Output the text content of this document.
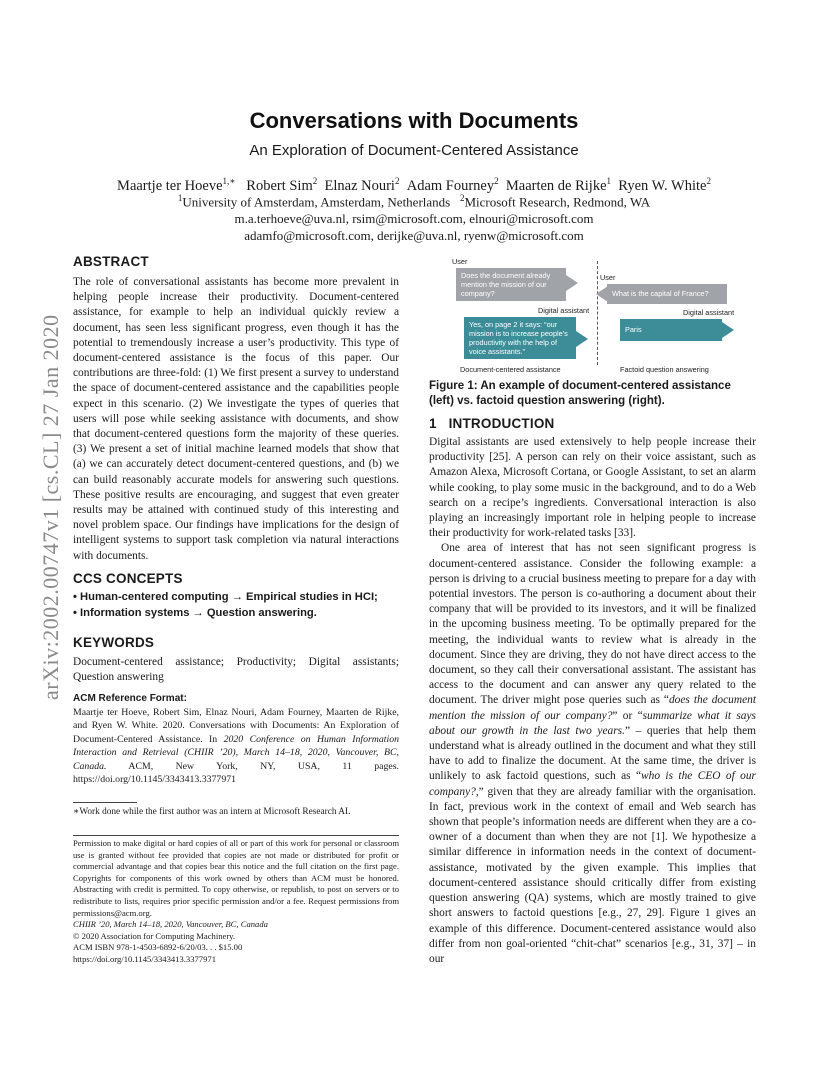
arXiv:2002.00747v1 [cs.CL] 27 Jan 2020
Conversations with Documents
An Exploration of Document-Centered Assistance
Maartje ter Hoeve$^{1,∗}$ Robert Sim$^2$ Elnaz Nouri$^2$ Adam Fourney$^2$ Maarten de Rijke$^1$ Ryen W. White$^2$
$^1$University of Amsterdam, Amsterdam, Netherlands $^2$Microsoft Research, Redmond, WA
m.a.terhoeve@uva.nl, rsim@microsoft.com, elnouri@microsoft.com
adamfo@microsoft.com, derijke@uva.nl, ryenw@microsoft.com
ABSTRACT
The role of conversational assistants has become more prevalent in helping people increase their productivity. Document-centered assistance, for example to help an individual quickly review a document, has seen less significant progress, even though it has the potential to tremendously increase a user’s productivity. This type of document-centered assistance is the focus of this paper. Our contributions are three-fold: (1) We first present a survey to understand the space of document-centered assistance and the capabilities people expect in this scenario. (2) We investigate the types of queries that users will pose while seeking assistance with documents, and show that document-centered questions form the majority of these queries. (3) We present a set of initial machine learned models that show that (a) we can accurately detect document-centered questions, and (b) we can build reasonably accurate models for answering such questions. These positive results are encouraging, and suggest that even greater results may be attained with continued study of this interesting and novel problem space. Our findings have implications for the design of intelligent systems to support task completion via natural interactions with documents.
CCS CONCEPTS
• Human-centered computing → Empirical studies in HCI;
• Information systems → Question answering.
KEYWORDS
Document-centered assistance; Productivity; Digital assistants; Question answering
ACM Reference Format:
Maartje ter Hoeve, Robert Sim, Elnaz Nouri, Adam Fourney, Maarten de Rijke, and Ryen W. White. 2020. Conversations with Documents: An Exploration of Document-Centered Assistance. In 2020 Conference on Human Information Interaction and Retrieval (CHIIR ’20), March 14–18, 2020, Vancouver, BC, Canada. ACM, New York, NY, USA, 11 pages. https://doi.org/10.1145/3343413.3377971
∗Work done while the first author was an intern at Microsoft Research AI.

Permission to make digital or hard copies of all or part of this work for personal or classroom use is granted without fee provided that copies are not made or distributed for profit or commercial advantage and that copies bear this notice and the full citation on the first page. Copyrights for components of this work owned by others than ACM must be honored. Abstracting with credit is permitted. To copy otherwise, or republish, to post on servers or to redistribute to lists, requires prior specific permission and/or a fee. Request permissions from permissions@acm.org.

CHIIR ’20, March 14–18, 2020, Vancouver, BC, Canada

© 2020 Association for Computing Machinery.

ACM ISBN 978-1-4503-6892-6/20/03. . . $15.00

https://doi.org/10.1145/3343413.3377971

User
Does the document already mention the mission of our company?
Digital assistant
Yes, on page 2 it says: “our mission is to increase people’s productivity with the help of voice assistants.”
Document-centered assistance
User
What is the capital of France?
Digital assistant
Paris
Factoid question answering
Figure 1: An example of document-centered assistance (left) vs. factoid question answering (right).
1 INTRODUCTION

Digital assistants are used extensively to help people increase their productivity [25]. A person can rely on their voice assistant, such as Amazon Alexa, Microsoft Cortana, or Google Assistant, to set an alarm while cooking, to play some music in the background, and to do a Web search on a recipe’s ingredients. Conversational interaction is also playing an increasingly important role in helping people to increase their productivity for work-related tasks [33].

One area of interest that has not seen significant progress is document-centered assistance. Consider the following example: a person is driving to a crucial business meeting to prepare for a day with potential investors. The person is co-authoring a document about their company that will be provided to its investors, and it will be finalized in the upcoming business meeting. To be optimally prepared for the meeting, the individual wants to review what is already in the document. Since they are driving, they do not have direct access to the document, so they call their conversational assistant. The assistant has access to the document and can answer any query related to the document. The driver might pose queries such as “does the document mention the mission of our company?” or “summarize what it says about our growth in the last two years.” – queries that help them understand what is already outlined in the document and what they still have to add to finalize the document. At the same time, the driver is unlikely to ask factoid questions, such as “who is the CEO of our company?,” given that they are already familiar with the organisation. In fact, previous work in the context of email and Web search has shown that people’s information needs are different when they are a co-owner of a document than when they are not [1]. We hypothesize a similar difference in information needs in the context of document-assistance, motivated by the given example. This implies that document-centered assistance should critically differ from existing question answering (QA) systems, which are mostly trained to give short answers to factoid questions [e.g., 27, 29]. Figure 1 gives an example of this difference. Document-centered assistance would also differ from non goal-oriented “chit-chat” scenarios [e.g., 31, 37] – in our
